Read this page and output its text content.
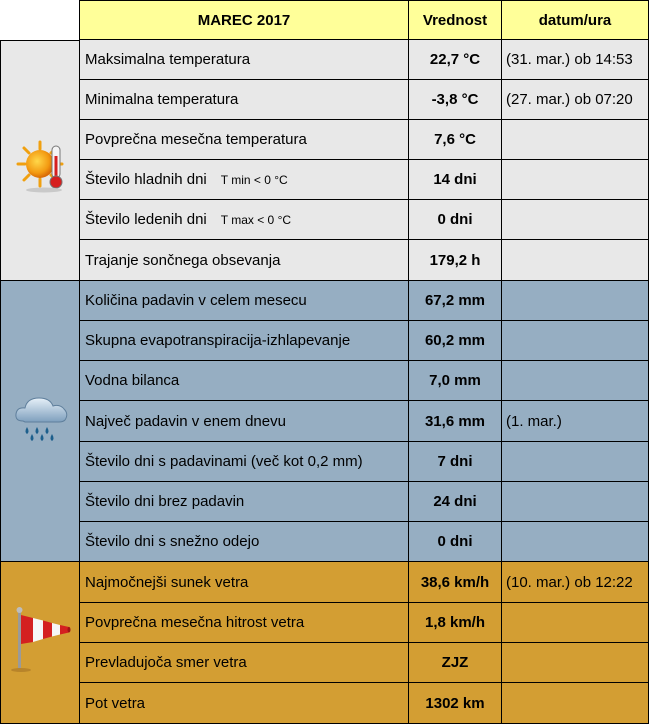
MAREC 2017	Vrednost	datum/ura
Maksimalna temperatura	22,7 °C	(31. mar.) ob 14:53
Minimalna temperatura	-3,8 °C	(27. mar.) ob 07:20
Povprečna mesečna temperatura	7,6 °C
Število hladnih dni T min < 0 °C	14 dni
Število ledenih dni T max < 0 °C	0 dni
Trajanje sončnega obsevanja	179,2 h
Količina padavin v celem mesecu	67,2 mm
Skupna evapotranspiracija-izhlapevanje	60,2 mm
Vodna bilanca	7,0 mm
Največ padavin v enem dnevu	31,6 mm	(1. mar.)
Število dni s padavinami (več kot 0,2 mm)	7 dni
Število dni brez padavin	24 dni
Število dni s snežno odejo	0 dni
Najmočnejši sunek vetra	38,6 km/h	(10. mar.) ob 12:22
Povprečna mesečna hitrost vetra	1,8 km/h
Prevladujoča smer vetra	ZJZ
Pot vetra	1302 km
